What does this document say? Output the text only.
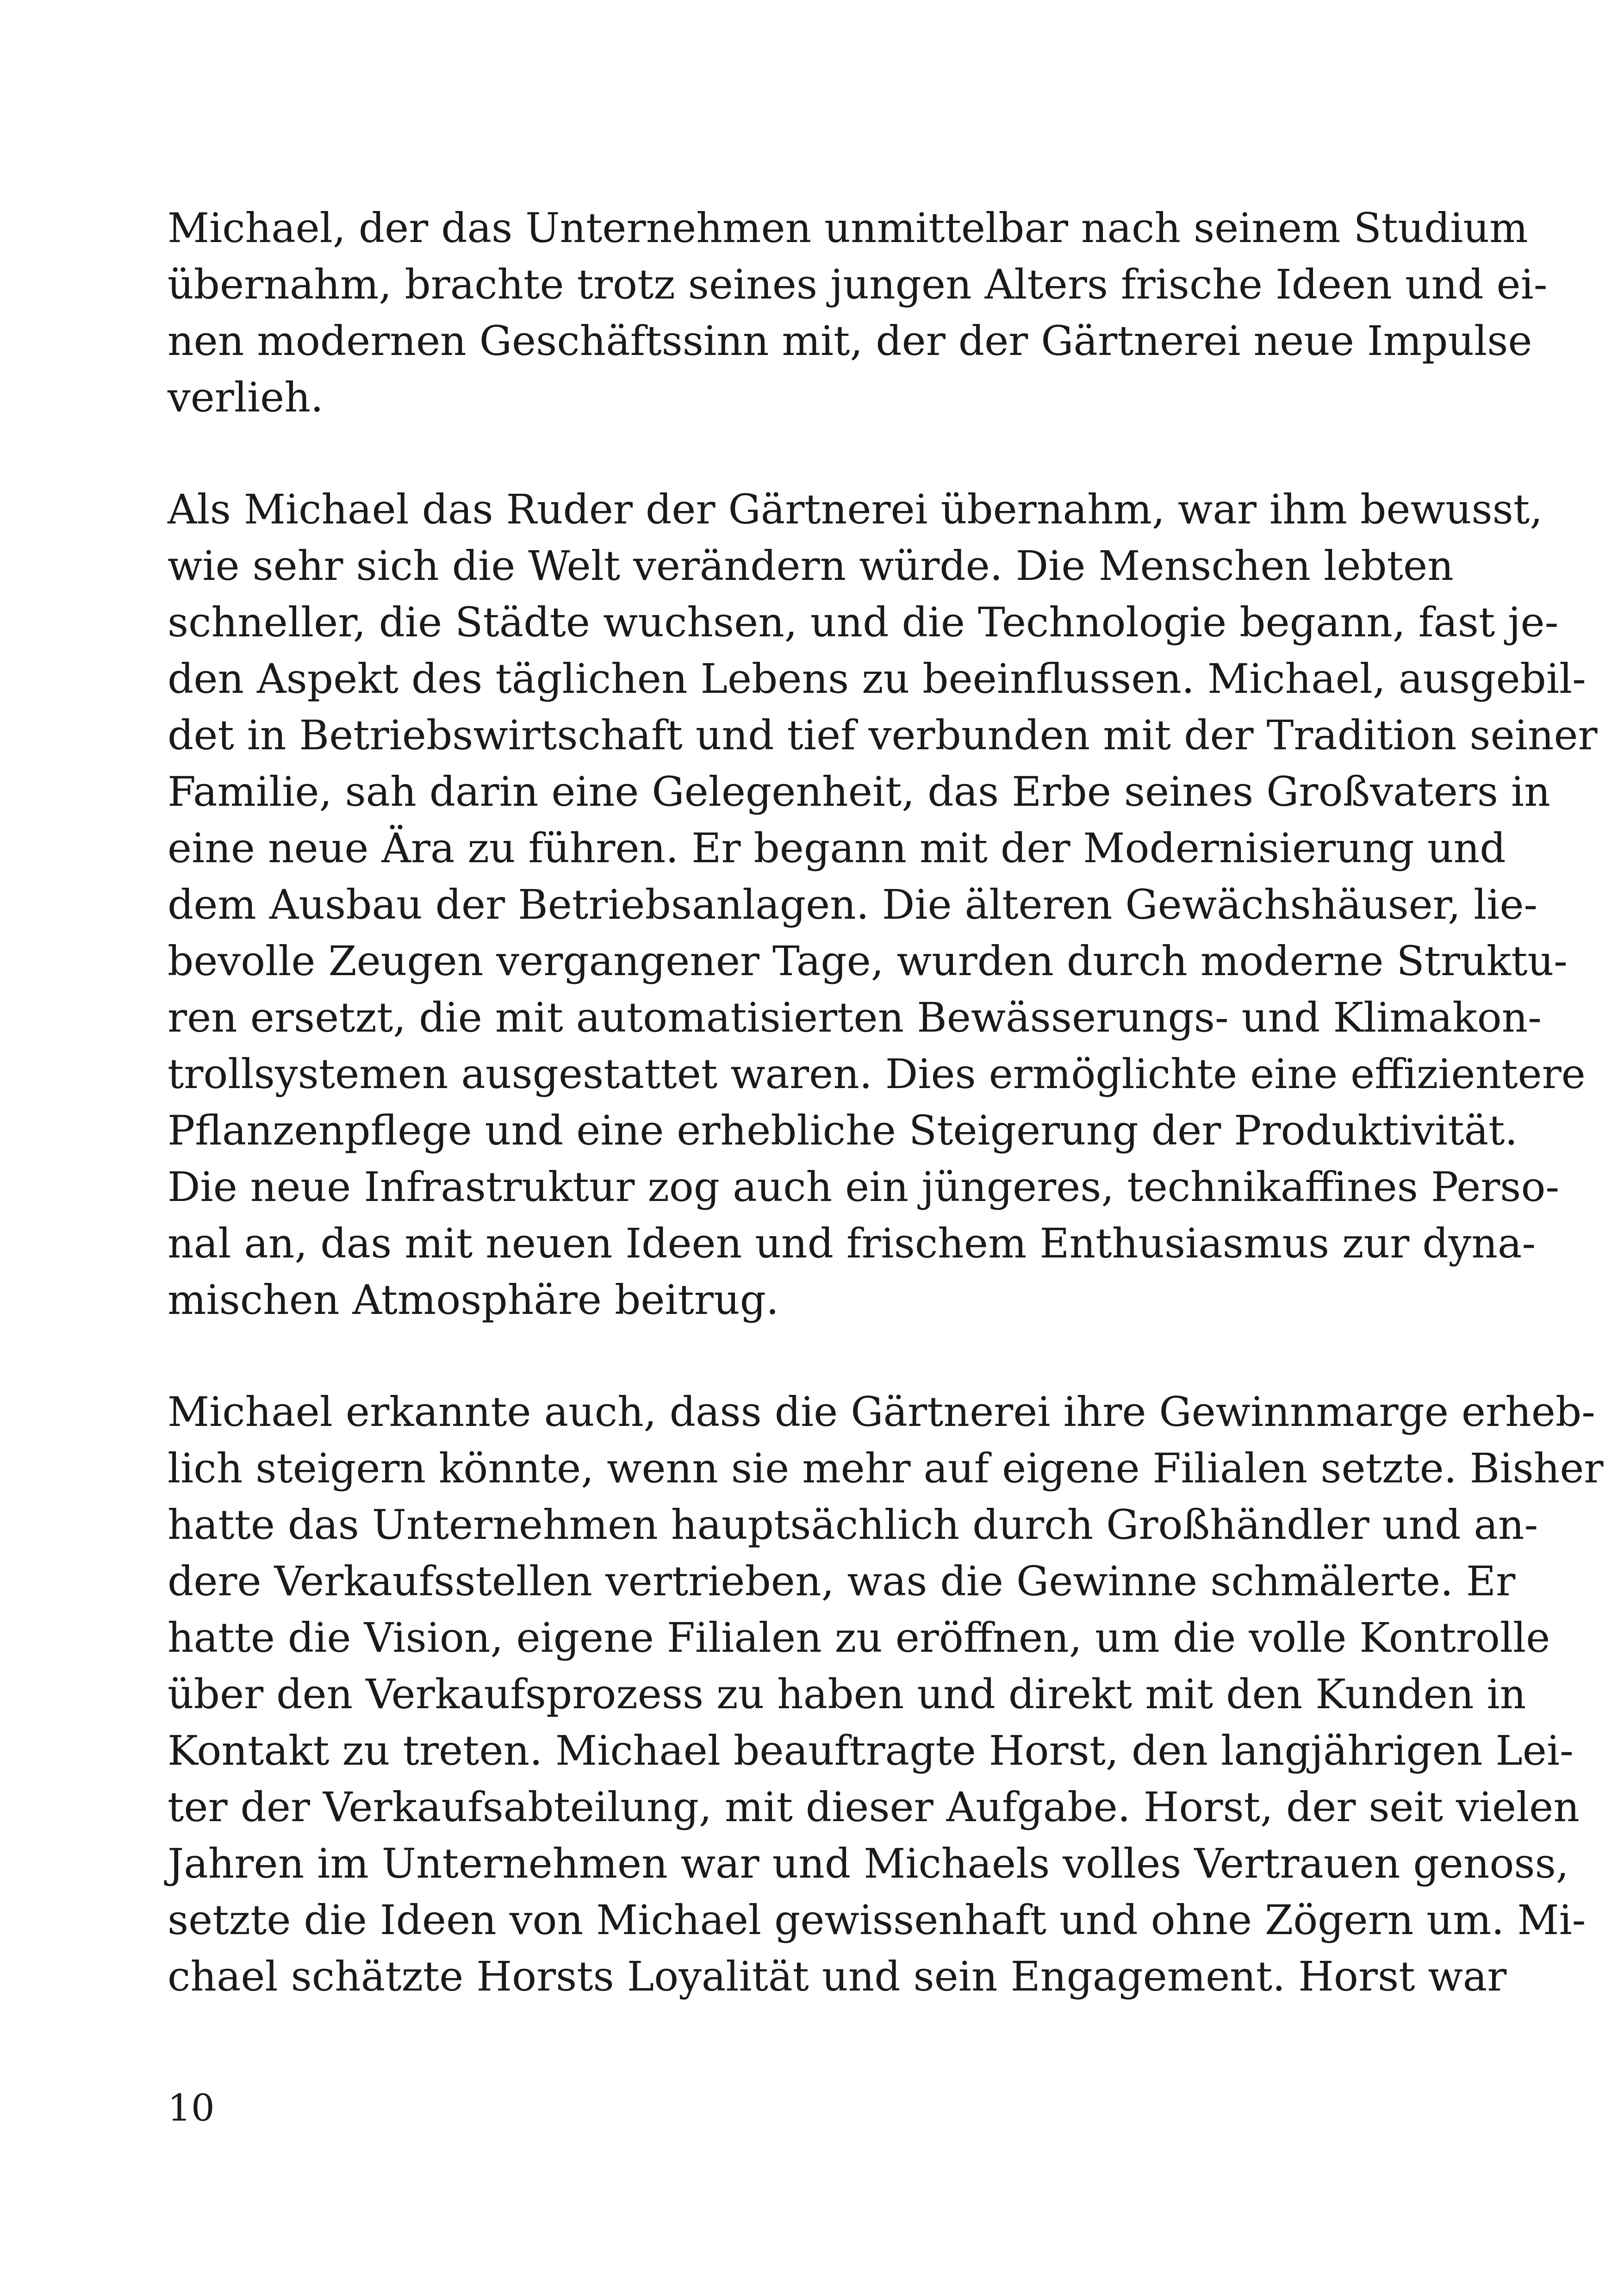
Michael, der das Unternehmen unmittelbar nach seinem Studium
übernahm, brachte trotz seines jungen Alters frische Ideen und ei-
nen modernen Geschäftssinn mit, der der Gärtnerei neue Impulse
verlieh.

Als Michael das Ruder der Gärtnerei übernahm, war ihm bewusst,
wie sehr sich die Welt verändern würde. Die Menschen lebten
schneller, die Städte wuchsen, und die Technologie begann, fast je-
den Aspekt des täglichen Lebens zu beeinflussen. Michael, ausgebil-
det in Betriebswirtschaft und tief verbunden mit der Tradition seiner
Familie, sah darin eine Gelegenheit, das Erbe seines Großvaters in
eine neue Ära zu führen. Er begann mit der Modernisierung und
dem Ausbau der Betriebsanlagen. Die älteren Gewächshäuser, lie-
bevolle Zeugen vergangener Tage, wurden durch moderne Struktu-
ren ersetzt, die mit automatisierten Bewässerungs- und Klimakon-
trollsystemen ausgestattet waren. Dies ermöglichte eine effizientere
Pflanzenpflege und eine erhebliche Steigerung der Produktivität.
Die neue Infrastruktur zog auch ein jüngeres, technikaffines Perso-
nal an, das mit neuen Ideen und frischem Enthusiasmus zur dyna-
mischen Atmosphäre beitrug.

Michael erkannte auch, dass die Gärtnerei ihre Gewinnmarge erheb-
lich steigern könnte, wenn sie mehr auf eigene Filialen setzte. Bisher
hatte das Unternehmen hauptsächlich durch Großhändler und an-
dere Verkaufsstellen vertrieben, was die Gewinne schmälerte. Er
hatte die Vision, eigene Filialen zu eröffnen, um die volle Kontrolle
über den Verkaufsprozess zu haben und direkt mit den Kunden in
Kontakt zu treten. Michael beauftragte Horst, den langjährigen Lei-
ter der Verkaufsabteilung, mit dieser Aufgabe. Horst, der seit vielen
Jahren im Unternehmen war und Michaels volles Vertrauen genoss,
setzte die Ideen von Michael gewissenhaft und ohne Zögern um. Mi-
chael schätzte Horsts Loyalität und sein Engagement. Horst war

10
